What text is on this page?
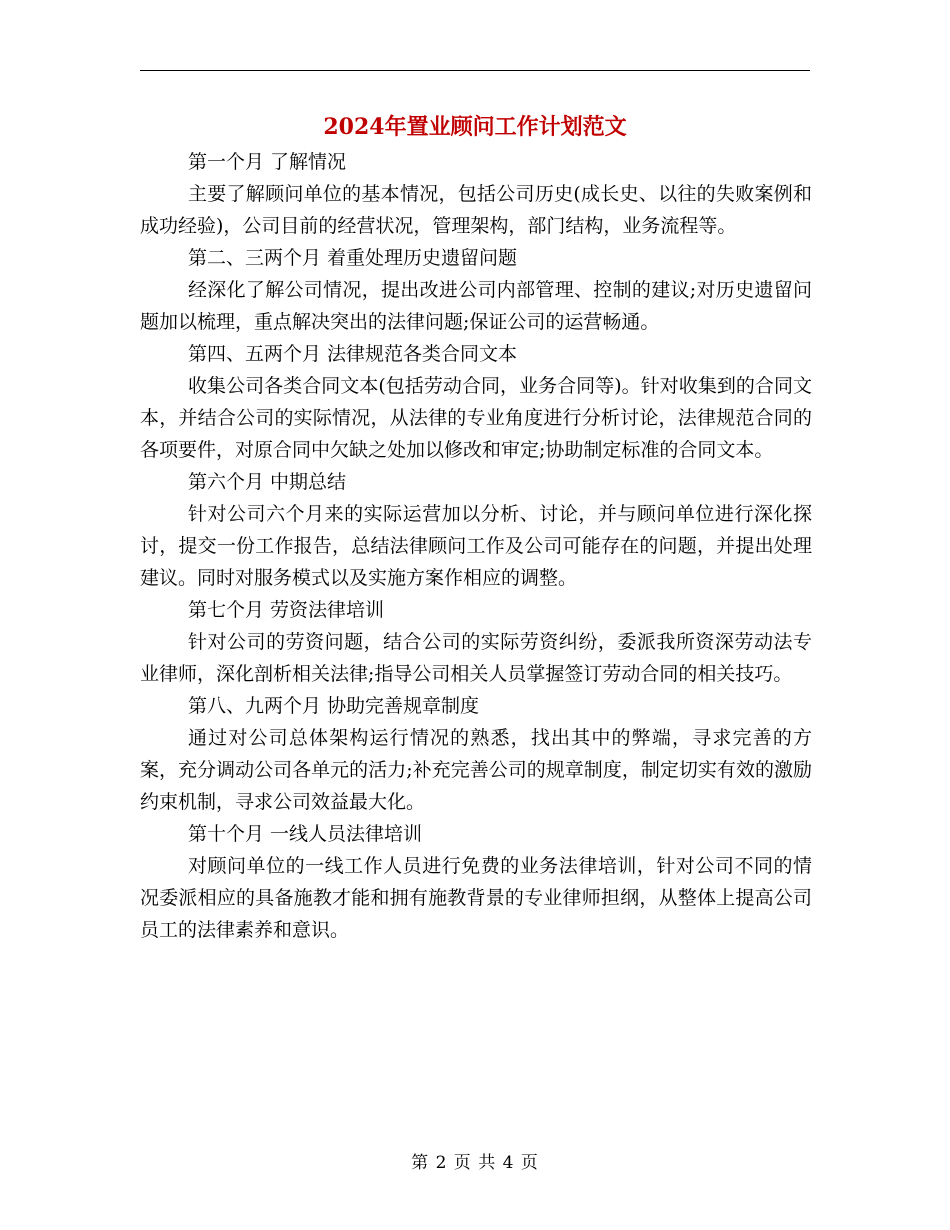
2024年置业顾问工作计划范文

第一个月 了解情况

主要了解顾问单位的基本情况，包括公司历史(成长史、以往的失败案例和成功经验)，公司目前的经营状况，管理架构，部门结构，业务流程等。

第二、三两个月 着重处理历史遗留问题

经深化了解公司情况，提出改进公司内部管理、控制的建议;对历史遗留问题加以梳理，重点解决突出的法律问题;保证公司的运营畅通。

第四、五两个月 法律规范各类合同文本

收集公司各类合同文本(包括劳动合同，业务合同等)。针对收集到的合同文本，并结合公司的实际情况，从法律的专业角度进行分析讨论，法律规范合同的各项要件，对原合同中欠缺之处加以修改和审定;协助制定标准的合同文本。

第六个月 中期总结

针对公司六个月来的实际运营加以分析、讨论，并与顾问单位进行深化探讨，提交一份工作报告，总结法律顾问工作及公司可能存在的问题，并提出处理建议。同时对服务模式以及实施方案作相应的调整。

第七个月 劳资法律培训

针对公司的劳资问题，结合公司的实际劳资纠纷，委派我所资深劳动法专业律师，深化剖析相关法律;指导公司相关人员掌握签订劳动合同的相关技巧。

第八、九两个月 协助完善规章制度

通过对公司总体架构运行情况的熟悉，找出其中的弊端，寻求完善的方案，充分调动公司各单元的活力;补充完善公司的规章制度，制定切实有效的激励约束机制，寻求公司效益最大化。

第十个月 一线人员法律培训

对顾问单位的一线工作人员进行免费的业务法律培训，针对公司不同的情况委派相应的具备施教才能和拥有施教背景的专业律师担纲，从整体上提高公司员工的法律素养和意识。

第 2 页 共 4 页
